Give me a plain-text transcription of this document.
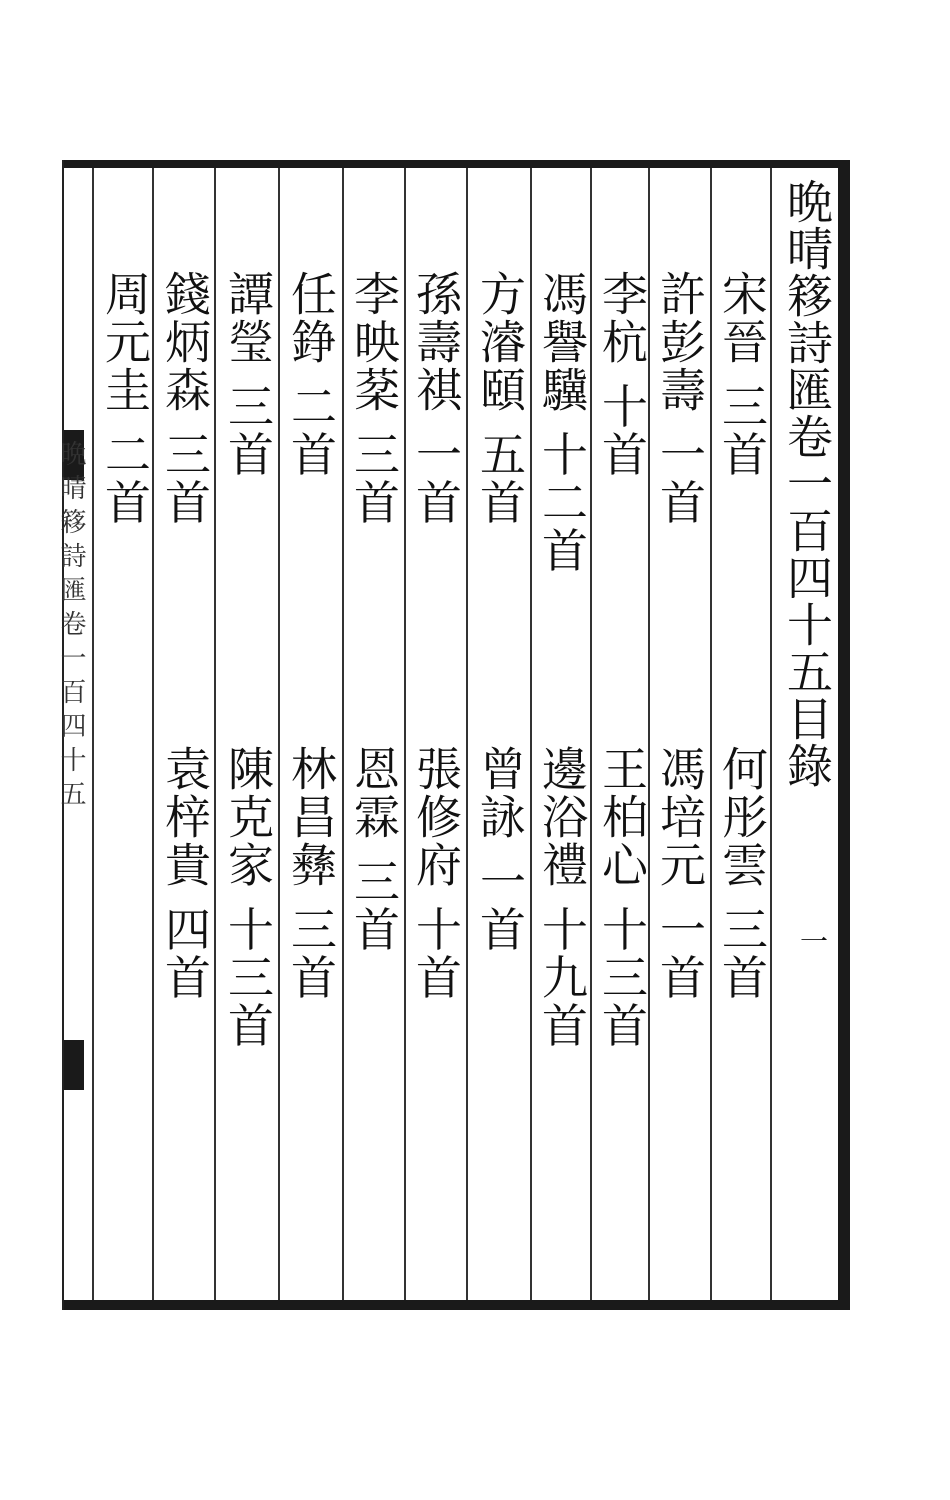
晩晴簃詩匯卷一百四十五	晩晴簃詩匯卷一百四十五目錄
一
宋晉 三首
何彤雲 三首
許彭壽 一首
馮培元 一首
李杭 十首
王柏心 十三首
馮譽驥 十二首
邊浴禮 十九首
方濬頤 五首
曾詠 一首
孫壽祺 一首
張修府 十首
李映棻 三首
恩霖 三首
任錚 二首
林昌彝 三首
譚瑩 三首
陳克家 十三首
錢炳森 三首
袁梓貴 四首
周元圭 二首
